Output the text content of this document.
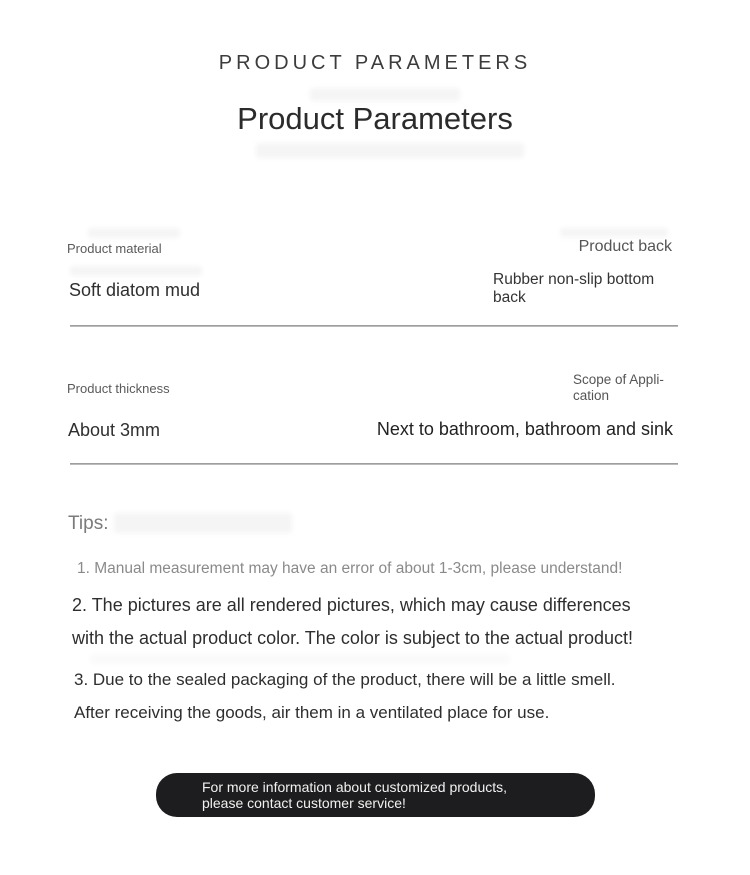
PRODUCT PARAMETERS
Product Parameters
Product material	Product back
Soft diatom mud
Rubber non-slip bottom back
Product thickness
Scope of Appli-
cation
About 3mm	Next to bathroom, bathroom and sink
Tips:
1. Manual measurement may have an error of about 1-3cm, please understand!
2. The pictures are all rendered pictures, which may cause differences
with the actual product color. The color is subject to the actual product!
3. Due to the sealed packaging of the product, there will be a little smell.
After receiving the goods, air them in a ventilated place for use.
For more information about customized products,
please contact customer service!
